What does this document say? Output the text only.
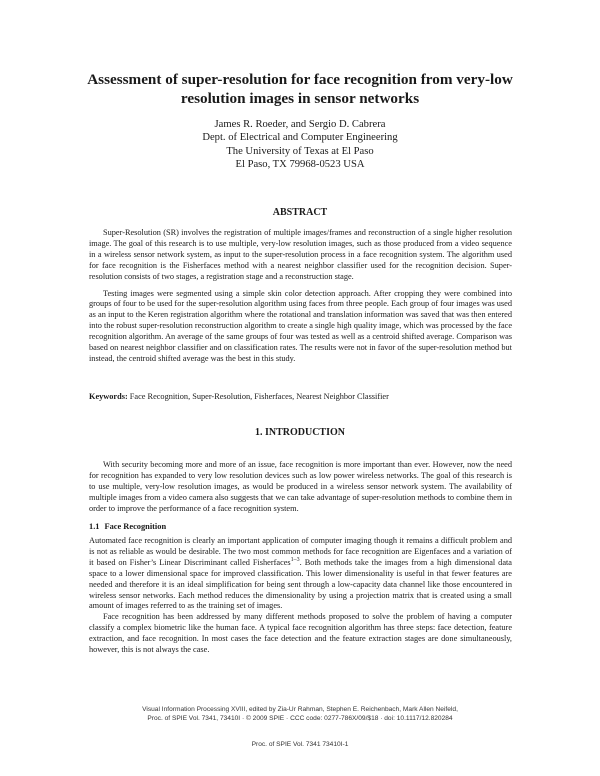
Assessment of super-resolution for face recognition from very-low resolution images in sensor networks
James R. Roeder, and Sergio D. Cabrera
Dept. of Electrical and Computer Engineering
The University of Texas at El Paso
El Paso, TX 79968-0523 USA
ABSTRACT

Super-Resolution (SR) involves the registration of multiple images/frames and reconstruction of a single higher resolution image. The goal of this research is to use multiple, very-low resolution images, such as those produced from a video sequence in a wireless sensor network system, as input to the super-resolution process in a face recognition system. The algorithm used for face recognition is the Fisherfaces method with a nearest neighbor classifier used for the recognition decision. Super-resolution consists of two stages, a registration stage and a reconstruction stage.

Testing images were segmented using a simple skin color detection approach. After cropping they were combined into groups of four to be used for the super-resolution algorithm using faces from three people. Each group of four images was used as an input to the Keren registration algorithm where the rotational and translation information was saved that was then entered into the robust super-resolution reconstruction algorithm to create a single high quality image, which was processed by the face recognition algorithm. An average of the same groups of four was tested as well as a centroid shifted average. Comparison was based on nearest neighbor classifier and on classification rates. The results were not in favor of the super-resolution method but instead, the centroid shifted average was the best in this study.

Keywords: Face Recognition, Super-Resolution, Fisherfaces, Nearest Neighbor Classifier
1. INTRODUCTION

With security becoming more and more of an issue, face recognition is more important than ever. However, now the need for recognition has expanded to very low resolution devices such as low power wireless networks. The goal of this research is to use multiple, very-low resolution images, as would be produced in a wireless sensor network system. The availability of multiple images from a video camera also suggests that we can take advantage of super-resolution methods to combine them in order to improve the performance of a face recognition system.

1.1 Face Recognition

Automated face recognition is clearly an important application of computer imaging though it remains a difficult problem and is not as reliable as would be desirable. The two most common methods for face recognition are Eigenfaces and a variation of it based on Fisher’s Linear Discriminant called Fisherfaces$^{1-3}$. Both methods take the images from a high dimensional data space to a lower dimensional space for improved classification. This lower dimensionality is useful in that fewer features are needed and therefore it is an ideal simplification for being sent through a low-capacity data channel like those encountered in wireless sensor networks. Each method reduces the dimensionality by using a projection matrix that is created using a small amount of images referred to as the training set of images.

Face recognition has been addressed by many different methods proposed to solve the problem of having a computer classify a complex biometric like the human face. A typical face recognition algorithm has three steps: face detection, feature extraction, and face recognition. In most cases the face detection and the feature extraction stages are done simultaneously, however, this is not always the case.

Visual Information Processing XVIII, edited by Zia-Ur Rahman, Stephen E. Reichenbach, Mark Allen Neifeld,
Proc. of SPIE Vol. 7341, 73410I · © 2009 SPIE · CCC code: 0277-786X/09/$18 · doi: 10.1117/12.820284
Proc. of SPIE Vol. 7341 73410I-1
